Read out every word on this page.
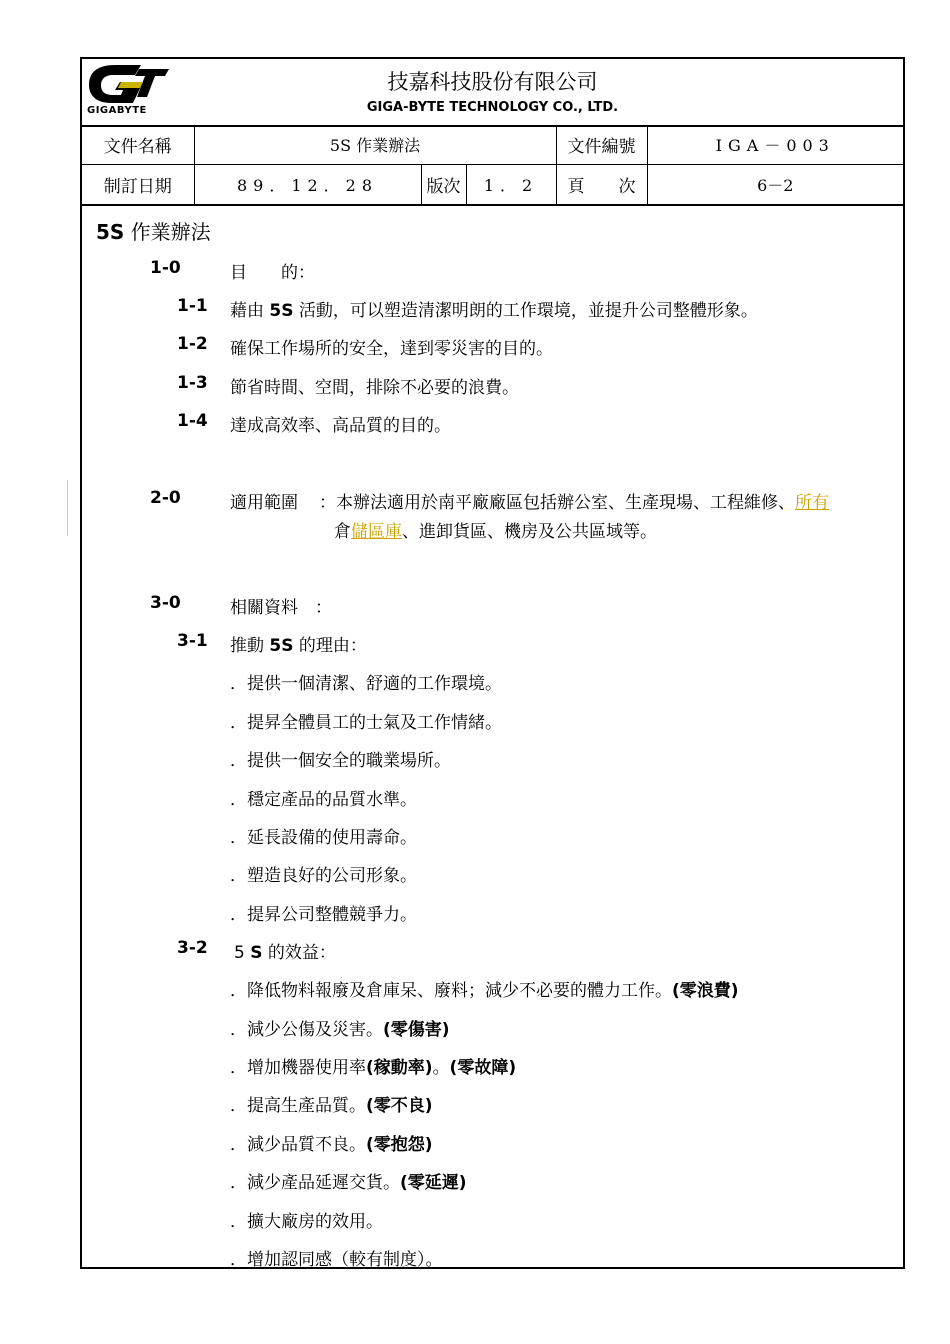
GIGABYTE
技嘉科技股份有限公司
GIGA-BYTE TECHNOLOGY CO., LTD.
文件名稱	5S 作業辦法			文件編號	IGA－003
制訂日期	89．12．28	版次	1．2	頁　　次	6－2
5S 作業辦法
1-0	目　　的：
1-1 藉由 5S 活動，可以塑造清潔明朗的工作環境，並提升公司整體形象。
1-2 確保工作場所的安全，達到零災害的目的。
1-3 節省時間、空間，排除不必要的浪費。
1-4 達成高效率、高品質的目的。
2-0	適用範圍 ：本辦法適用於南平廠廠區包括辦公室、生產現場、工程維修、所有
倉儲區庫、進卸貨區、機房及公共區域等。
3-0	相關資料　：
3-1 推動 5S 的理由：
．提供一個清潔、舒適的工作環境。
．提昇全體員工的士氣及工作情緒。
．提供一個安全的職業場所。
．穩定產品的品質水準。
．延長設備的使用壽命。
．塑造良好的公司形象。
．提昇公司整體競爭力。
3-2 5 S 的效益：
．降低物料報廢及倉庫呆、廢料；減少不必要的體力工作。(零浪費)
．減少公傷及災害。(零傷害)
．增加機器使用率(稼動率)。(零故障)
．提高生產品質。(零不良)
．減少品質不良。(零抱怨)
．減少產品延遲交貨。(零延遲)
．擴大廠房的效用。
．增加認同感（較有制度）。
